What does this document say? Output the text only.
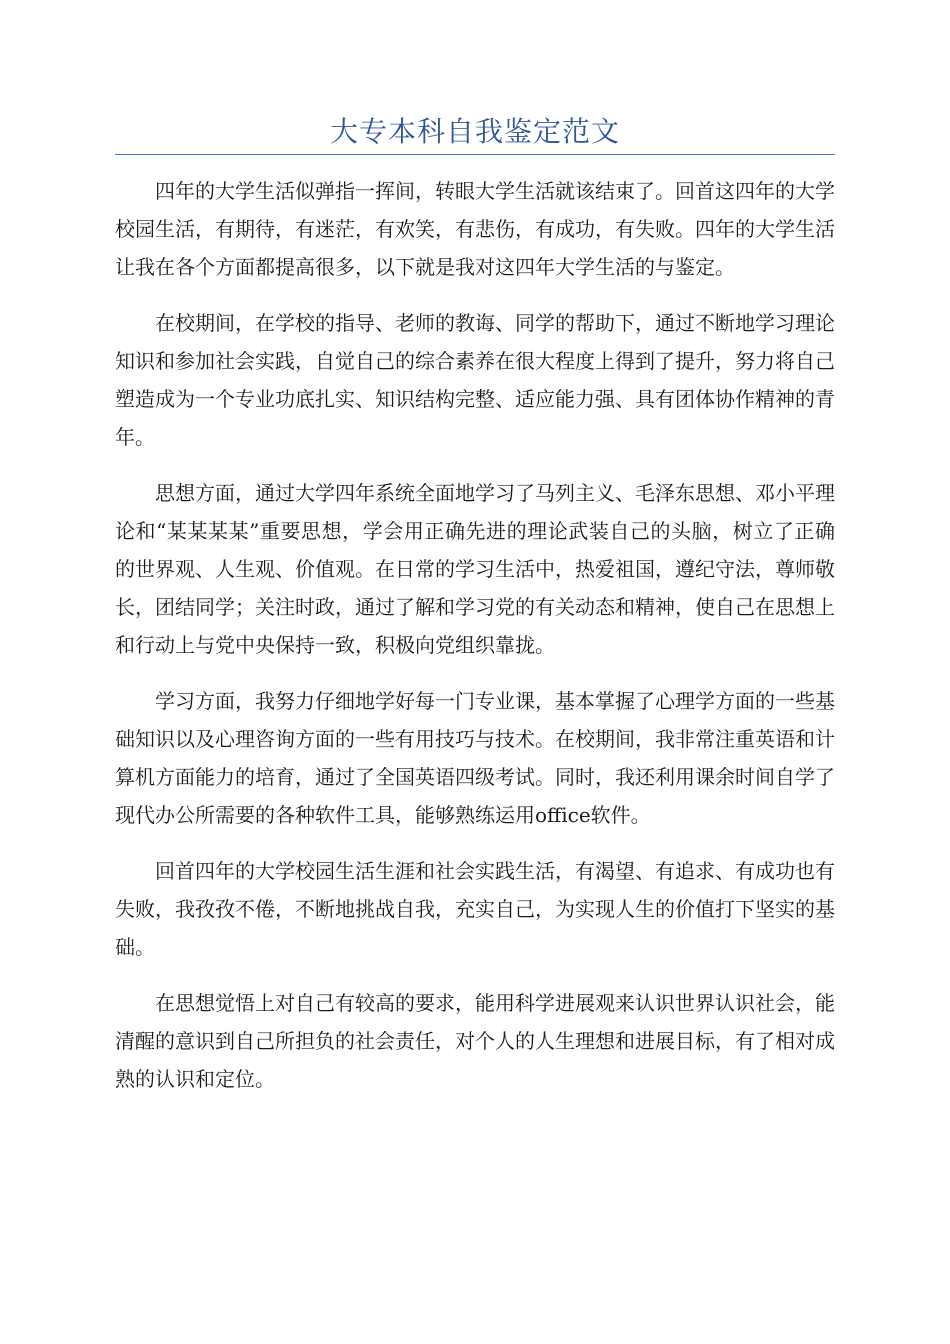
大专本科自我鉴定范文

四年的大学生活似弹指一挥间，转眼大学生活就该结束了。回首这四年的大学校园生活，有期待，有迷茫，有欢笑，有悲伤，有成功，有失败。四年的大学生活让我在各个方面都提高很多，以下就是我对这四年大学生活的与鉴定。

在校期间，在学校的指导、老师的教诲、同学的帮助下，通过不断地学习理论知识和参加社会实践，自觉自己的综合素养在很大程度上得到了提升，努力将自己塑造成为一个专业功底扎实、知识结构完整、适应能力强、具有团体协作精神的青年。

思想方面，通过大学四年系统全面地学习了马列主义、毛泽东思想、邓小平理论和“某某某某”重要思想，学会用正确先进的理论武装自己的头脑，树立了正确的世界观、人生观、价值观。在日常的学习生活中，热爱祖国，遵纪守法，尊师敬长，团结同学；关注时政，通过了解和学习党的有关动态和精神，使自己在思想上和行动上与党中央保持一致，积极向党组织靠拢。

学习方面，我努力仔细地学好每一门专业课，基本掌握了心理学方面的一些基础知识以及心理咨询方面的一些有用技巧与技术。在校期间，我非常注重英语和计算机方面能力的培育，通过了全国英语四级考试。同时，我还利用课余时间自学了现代办公所需要的各种软件工具，能够熟练运用office软件。

回首四年的大学校园生活生涯和社会实践生活，有渴望、有追求、有成功也有失败，我孜孜不倦，不断地挑战自我，充实自己，为实现人生的价值打下坚实的基础。

在思想觉悟上对自己有较高的要求，能用科学进展观来认识世界认识社会，能清醒的意识到自己所担负的社会责任，对个人的人生理想和进展目标，有了相对成熟的认识和定位。
